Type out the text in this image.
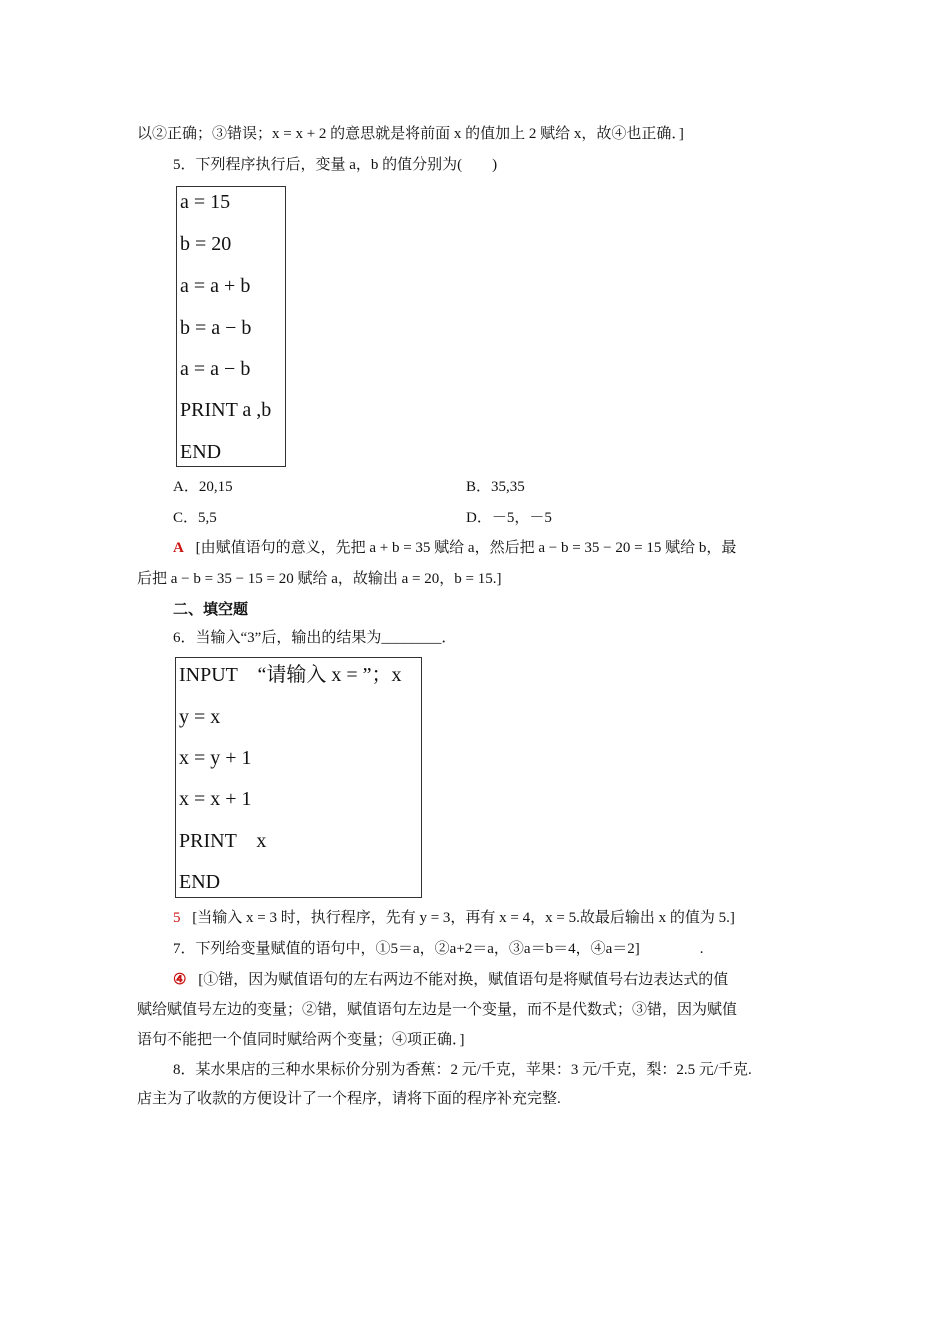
以②正确；③错误；x = x + 2 的意思就是将前面 x 的值加上 2 赋给 x，故④也正确．]
5．下列程序执行后，变量 a，b 的值分别为(　　)
a = 15
b = 20
a = a + b
b = a − b
a = a − b
PRINT a ,b
END
A．20,15	B．35,35
C．5,5	D．－5，－5
A [由赋值语句的意义，先把 a + b = 35 赋给 a，然后把 a − b = 35 − 20 = 15 赋给 b，最
后把 a − b = 35 − 15 = 20 赋给 a，故输出 a = 20，b = 15.]
二、填空题
6．当输入“3”后，输出的结果为________．
INPUT　“请输入 x = ”；x
y = x
x = y + 1
x = x + 1
PRINT　x
END
5 [当输入 x = 3 时，执行程序，先有 y = 3，再有 x = 4，x = 5.故最后输出 x 的值为 5.]
7．下列给变量赋值的语句中，①5＝a，②a+2＝a，③a＝b＝4，④a＝2]　　　　.
④ [①错，因为赋值语句的左右两边不能对换，赋值语句是将赋值号右边表达式的值
赋给赋值号左边的变量；②错，赋值语句左边是一个变量，而不是代数式；③错，因为赋值
语句不能把一个值同时赋给两个变量；④项正确．]
8．某水果店的三种水果标价分别为香蕉：2 元/千克，苹果：3 元/千克，梨：2.5 元/千克.
店主为了收款的方便设计了一个程序，请将下面的程序补充完整.
